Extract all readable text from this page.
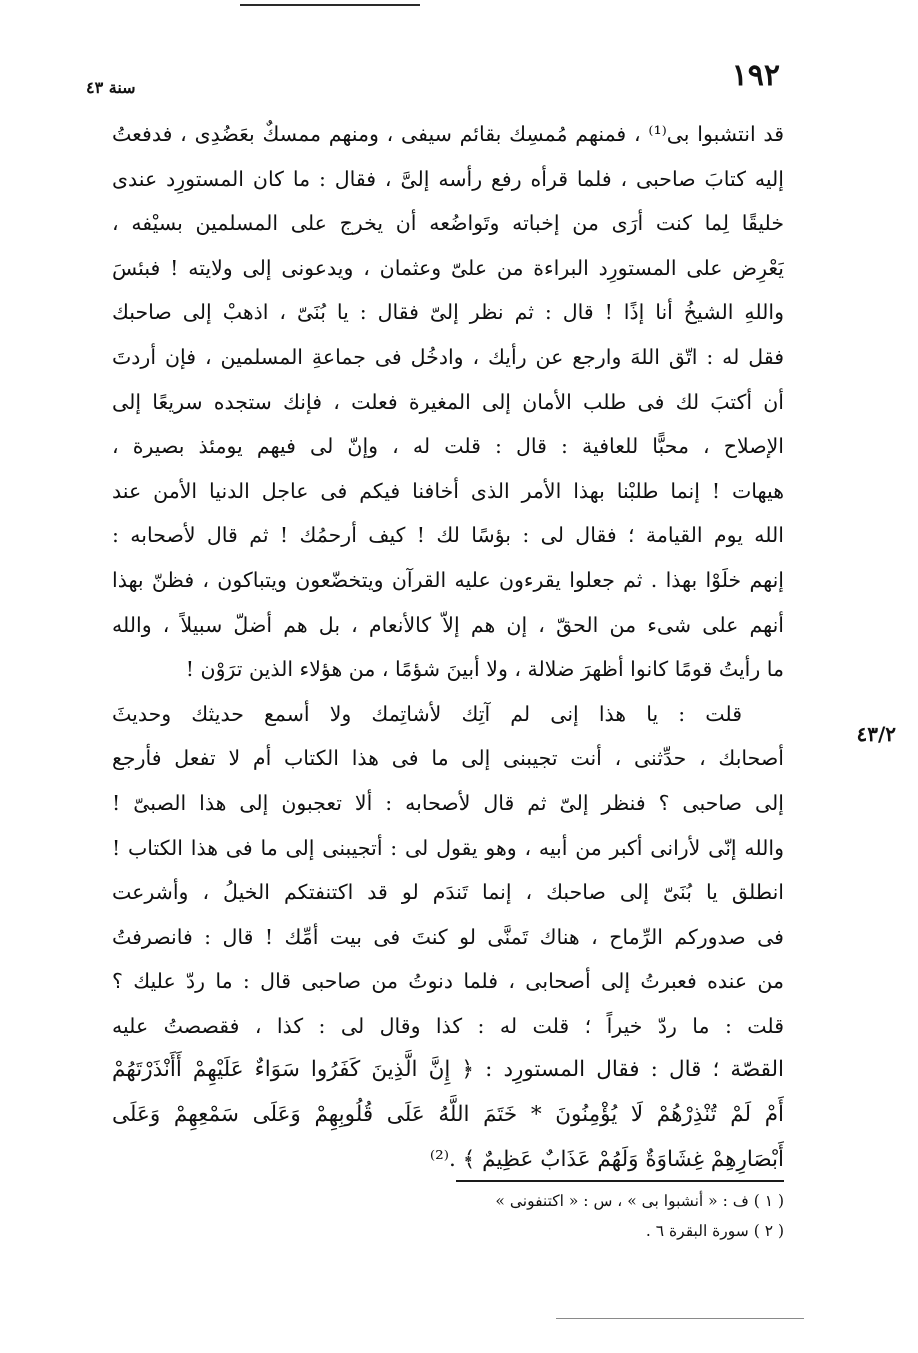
١٩٢
سنة ٤٣
قد انتشبوا بى⁽¹⁾ ، فمنهم مُمسِك بقائم سيفى ، ومنهم ممسكٌ بعَضُدِى ، فدفعتُ
إليه كتابَ صاحبى ، فلما قرأه رفع رأسه إلىَّ ، فقال : ما كان المستورِد عندى
خليقًا لِما كنت أرَى من إخباته وتَواضُعه أن يخرج على المسلمين بسيْفه ،
يَعْرِض على المستورِد البراءة من علىّ وعثمان ، ويدعونى إلى ولايته ! فبئسَ
واللهِ الشيخُ أنا إذًا ! قال : ثم نظر إلىّ فقال : يا بُنَىّ ، اذهبْ إلى صاحبك
فقل له : اتّق اللهَ وارجع عن رأيك ، وادخُل فى جماعةِ المسلمين ، فإن أردتَ
أن أكتبَ لك فى طلب الأمان إلى المغيرة فعلت ، فإنك ستجده سريعًا إلى
الإصلاح ، محبًّا للعافية : قال : قلت له ، وإنّ لى فيهم يومئذ بصيرة ،
هيهات ! إنما طلبْنا بهذا الأمر الذى أخافنا فيكم فى عاجل الدنيا الأمن عند
الله يوم القيامة ؛ فقال لى : بؤسًا لك ! كيف أرحمُك ! ثم قال لأصحابه :
إنهم خلَوْا بهذا . ثم جعلوا يقرءون عليه القرآن ويتخضّعون ويتباكون ، فظنّ بهذا
أنهم على شىء من الحقّ ، إن هم إلاّ كالأنعام ، بل هم أضلّ سبيلاً ، والله
ما رأيتُ قومًا كانوا أظهرَ ضلالة ، ولا أبينَ شؤمًا ، من هؤلاء الذين ترَوْن !
قلت : يا هذا إنى لم آتِك لأشاتِمك ولا أسمع حديثك وحديثَ
أصحابك ، حدِّثنى ، أنت تجيبنى إلى ما فى هذا الكتاب أم لا تفعل فأرجع
إلى صاحبى ؟ فنظر إلىّ ثم قال لأصحابه : ألا تعجبون إلى هذا الصبىّ !
والله إنّى لأرانى أكبر من أبيه ، وهو يقول لى : أتجيبنى إلى ما فى هذا الكتاب !
انطلق يا بُنَىّ إلى صاحبك ، إنما تَندَم لو قد اكتنفتكم الخيلُ ، وأشرعت
فى صدوركم الرِّماح ، هناك تَمنَّى لو كنتَ فى بيت أمِّك ! قال : فانصرفتُ
من عنده فعبرتُ إلى أصحابى ، فلما دنوتُ من صاحبى قال : ما ردّ عليك ؟
قلت : ما ردّ خيراً ؛ قلت له : كذا وقال لى : كذا ، فقصصتُ عليه
القصّة ؛ قال : فقال المستورِد : ﴿ إِنَّ الَّذِينَ كَفَرُوا سَوَاءٌ عَلَيْهِمْ أَأَنْذَرْتَهُمْ
أَمْ لَمْ تُنْذِرْهُمْ لَا يُؤْمِنُونَ * خَتَمَ اللَّهُ عَلَى قُلُوبِهِمْ وَعَلَى سَمْعِهِمْ وَعَلَى
أَبْصَارِهِمْ غِشَاوَةٌ وَلَهُمْ عَذَابٌ عَظِيمٌ ﴾ .⁽²⁾
٤٣/٢
( ١ ) ف : « أنشبوا بى » ، س : « اكتنفونى »
( ٢ ) سورة البقرة ٦ .
